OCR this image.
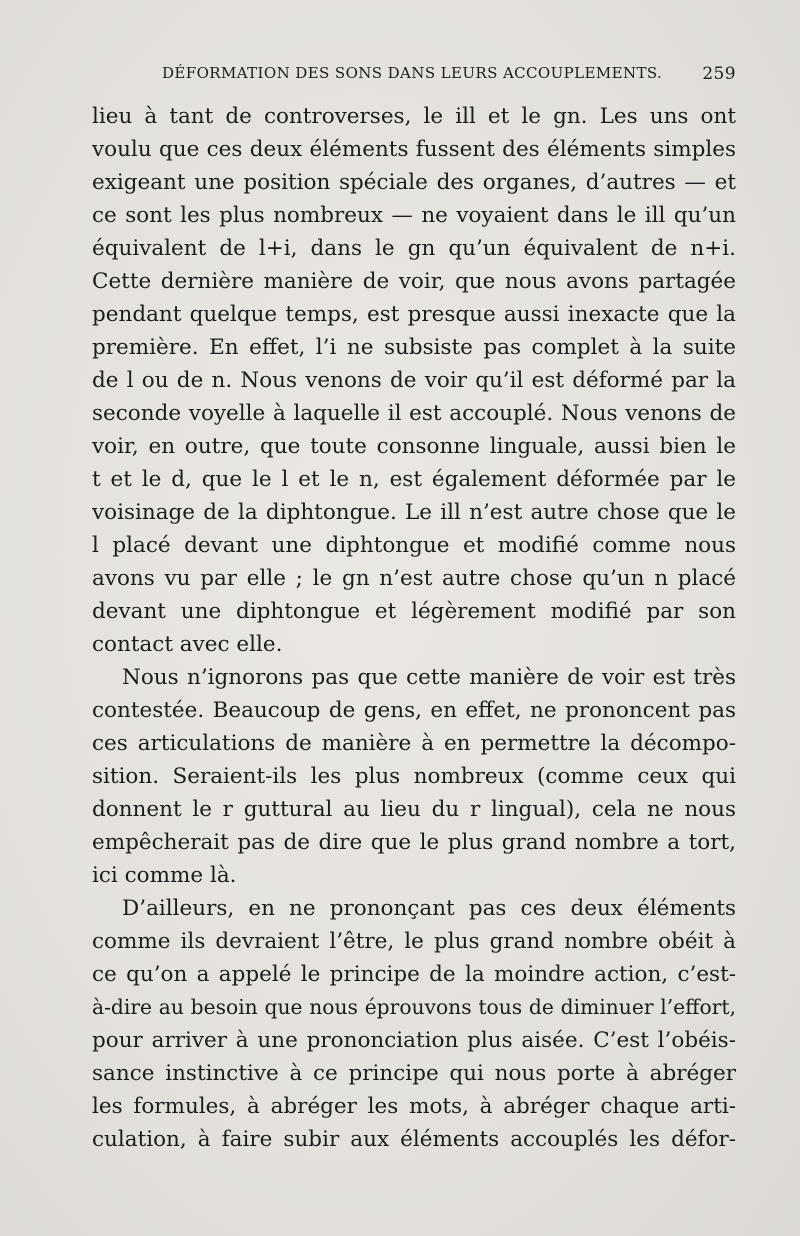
DÉFORMATION DES SONS DANS LEURS ACCOUPLEMENTS. 259
lieu à tant de controverses, le ill et le gn. Les uns ont
voulu que ces deux éléments fussent des éléments simples
exigeant une position spéciale des organes, d’autres — et
ce sont les plus nombreux — ne voyaient dans le ill qu’un
équivalent de l+i, dans le gn qu’un équivalent de n+i.
Cette dernière manière de voir, que nous avons partagée
pendant quelque temps, est presque aussi inexacte que la
première. En effet, l’i ne subsiste pas complet à la suite
de l ou de n. Nous venons de voir qu’il est déformé par la
seconde voyelle à laquelle il est accouplé. Nous venons de
voir, en outre, que toute consonne linguale, aussi bien le
t et le d, que le l et le n, est également déformée par le
voisinage de la diphtongue. Le ill n’est autre chose que le
l placé devant une diphtongue et modifié comme nous
avons vu par elle ; le gn n’est autre chose qu’un n placé
devant une diphtongue et légèrement modifié par son
contact avec elle.
Nous n’ignorons pas que cette manière de voir est très
contestée. Beaucoup de gens, en effet, ne prononcent pas
ces articulations de manière à en permettre la décompo-
sition. Seraient-ils les plus nombreux (comme ceux qui
donnent le r guttural au lieu du r lingual), cela ne nous
empêcherait pas de dire que le plus grand nombre a tort,
ici comme là.
D’ailleurs, en ne prononçant pas ces deux éléments
comme ils devraient l’être, le plus grand nombre obéit à
ce qu’on a appelé le principe de la moindre action, c’est-
à-dire au besoin que nous éprouvons tous de diminuer l’effort,
pour arriver à une prononciation plus aisée. C’est l’obéis-
sance instinctive à ce principe qui nous porte à abréger
les formules, à abréger les mots, à abréger chaque arti-
culation, à faire subir aux éléments accouplés les défor-
